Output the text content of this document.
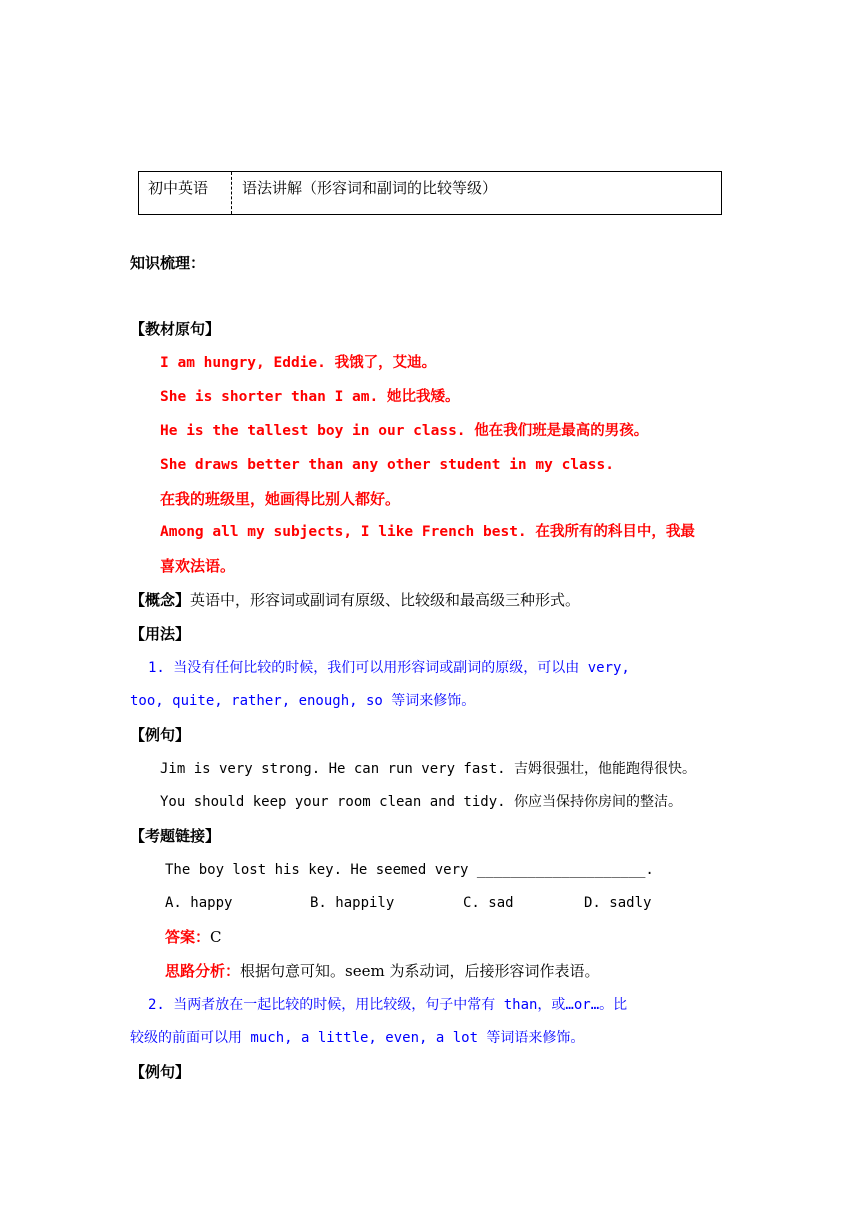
初中英语	语法讲解（形容词和副词的比较等级）
知识梳理：
【教材原句】
I am hungry, Eddie. 我饿了，艾迪。
She is shorter than I am. 她比我矮。
He is the tallest boy in our class. 他在我们班是最高的男孩。
She draws better than any other student in my class.
在我的班级里，她画得比别人都好。
Among all my subjects, I like French best. 在我所有的科目中，我最
喜欢法语。
【概念】英语中，形容词或副词有原级、比较级和最高级三种形式。
【用法】
1. 当没有任何比较的时候，我们可以用形容词或副词的原级，可以由 very,
too, quite, rather, enough, so 等词来修饰。
【例句】
Jim is very strong. He can run very fast. 吉姆很强壮，他能跑得很快。
You should keep your room clean and tidy. 你应当保持你房间的整洁。
【考题链接】
The boy lost his key. He seemed very ____________________.
A. happy	B. happily	C. sad	D. sadly
答案：C
思路分析：根据句意可知。seem 为系动词，后接形容词作表语。
2. 当两者放在一起比较的时候，用比较级，句子中常有 than，或…or…。比
较级的前面可以用 much, a little, even, a lot 等词语来修饰。
【例句】
